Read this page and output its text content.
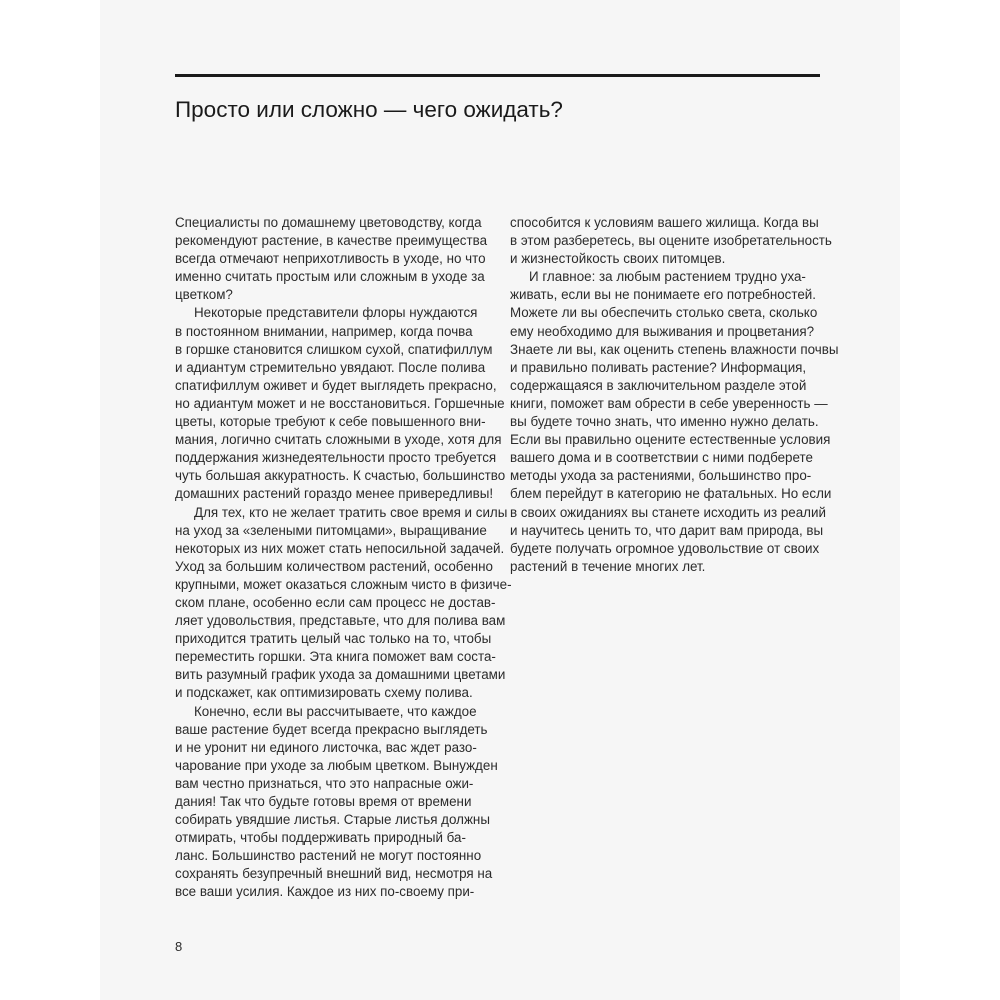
Просто или сложно — чего ожидать?
Специалисты по домашнему цветоводству, когда
рекомендуют растение, в качестве преимущества
всегда отмечают неприхотливость в уходе, но что
именно считать простым или сложным в уходе за
цветком?
Некоторые представители флоры нуждаются
в постоянном внимании, например, когда почва
в горшке становится слишком сухой, спатифиллум
и адиантум стремительно увядают. После полива
спатифиллум оживет и будет выглядеть прекрасно,
но адиантум может и не восстановиться. Горшечные
цветы, которые требуют к себе повышенного вни-
мания, логично считать сложными в уходе, хотя для
поддержания жизнедеятельности просто требуется
чуть большая аккуратность. К счастью, большинство
домашних растений гораздо менее привередливы!
Для тех, кто не желает тратить свое время и силы
на уход за «зелеными питомцами», выращивание
некоторых из них может стать непосильной задачей.
Уход за большим количеством растений, особенно
крупными, может оказаться сложным чисто в физиче-
ском плане, особенно если сам процесс не достав-
ляет удовольствия, представьте, что для полива вам
приходится тратить целый час только на то, чтобы
переместить горшки. Эта книга поможет вам соста-
вить разумный график ухода за домашними цветами
и подскажет, как оптимизировать схему полива.
Конечно, если вы рассчитываете, что каждое
ваше растение будет всегда прекрасно выглядеть
и не уронит ни единого листочка, вас ждет разо-
чарование при уходе за любым цветком. Вынужден
вам честно признаться, что это напрасные ожи-
дания! Так что будьте готовы время от времени
собирать увядшие листья. Старые листья должны
отмирать, чтобы поддерживать природный ба-
ланс. Большинство растений не могут постоянно
сохранять безупречный внешний вид, несмотря на
все ваши усилия. Каждое из них по-своему при-
способится к условиям вашего жилища. Когда вы
в этом разберетесь, вы оцените изобретательность
и жизнестойкость своих питомцев.
И главное: за любым растением трудно уха-
живать, если вы не понимаете его потребностей.
Можете ли вы обеспечить столько света, сколько
ему необходимо для выживания и процветания?
Знаете ли вы, как оценить степень влажности почвы
и правильно поливать растение? Информация,
содержащаяся в заключительном разделе этой
книги, поможет вам обрести в себе уверенность —
вы будете точно знать, что именно нужно делать.
Если вы правильно оцените естественные условия
вашего дома и в соответствии с ними подберете
методы ухода за растениями, большинство про-
блем перейдут в категорию не фатальных. Но если
в своих ожиданиях вы станете исходить из реалий
и научитесь ценить то, что дарит вам природа, вы
будете получать огромное удовольствие от своих
растений в течение многих лет.
8
